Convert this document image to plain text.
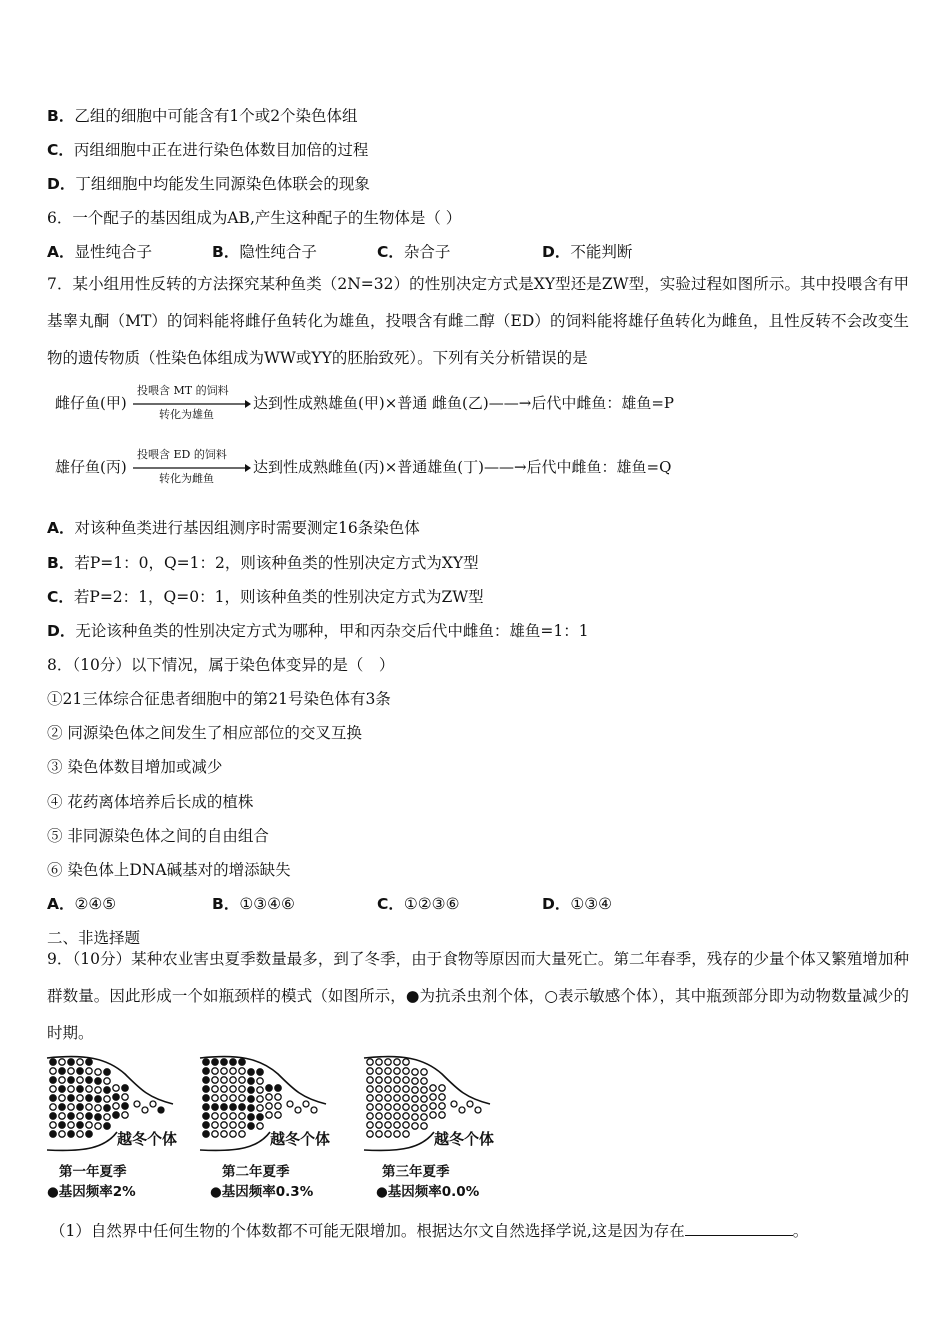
B．乙组的细胞中可能含有1个或2个染色体组
C．丙组细胞中正在进行染色体数目加倍的过程
D．丁组细胞中均能发生同源染色体联会的现象
6．一个配子的基因组成为AB,产生这种配子的生物体是（ ）
A．显性纯合子	B．隐性纯合子	C．杂合子	D．不能判断
7．某小组用性反转的方法探究某种鱼类（2N=32）的性别决定方式是XY型还是ZW型，实验过程如图所示。其中投喂含有甲基睾丸酮（MT）的饲料能将雌仔鱼转化为雄鱼，投喂含有雌二醇（ED）的饲料能将雄仔鱼转化为雌鱼，且性反转不会改变生物的遗传物质（性染色体组成为WW或YY的胚胎致死）。下列有关分析错误的是
雌仔鱼(甲)
投喂含 MT 的饲料
转化为雄鱼
达到性成熟雄鱼(甲)×普通 雌鱼(乙)——→后代中雌鱼：雄鱼=P
雄仔鱼(丙)
投喂含 ED 的饲料
转化为雌鱼
达到性成熟雌鱼(丙)×普通雄鱼(丁)——→后代中雌鱼：雄鱼=Q
A．对该种鱼类进行基因组测序时需要测定16条染色体
B．若P=1：0，Q=1：2，则该种鱼类的性别决定方式为XY型
C．若P=2：1，Q=0：1，则该种鱼类的性别决定方式为ZW型
D．无论该种鱼类的性别决定方式为哪种，甲和丙杂交后代中雌鱼：雄鱼=1：1
8．（10分）以下情况，属于染色体变异的是（　）
①21三体综合征患者细胞中的第21号染色体有3条
② 同源染色体之间发生了相应部位的交叉互换
③ 染色体数目增加或减少
④ 花药离体培养后长成的植株
⑤ 非同源染色体之间的自由组合
⑥ 染色体上DNA碱基对的增添缺失
A．②④⑤	B．①③④⑥	C．①②③⑥	D．①③④
二、非选择题
9．（10分）某种农业害虫夏季数量最多，到了冬季，由于食物等原因而大量死亡。第二年春季，残存的少量个体又繁殖增加种群数量。因此形成一个如瓶颈样的模式（如图所示，●为抗杀虫剂个体，○表示敏感个体），其中瓶颈部分即为动物数量减少的时期。
越冬个体
第一年夏季
●基因频率2%
越冬个体
第二年夏季
●基因频率0.3%
越冬个体
第三年夏季
●基因频率0.0%
（1）自然界中任何生物的个体数都不可能无限增加。根据达尔文自然选择学说,这是因为存在	。
